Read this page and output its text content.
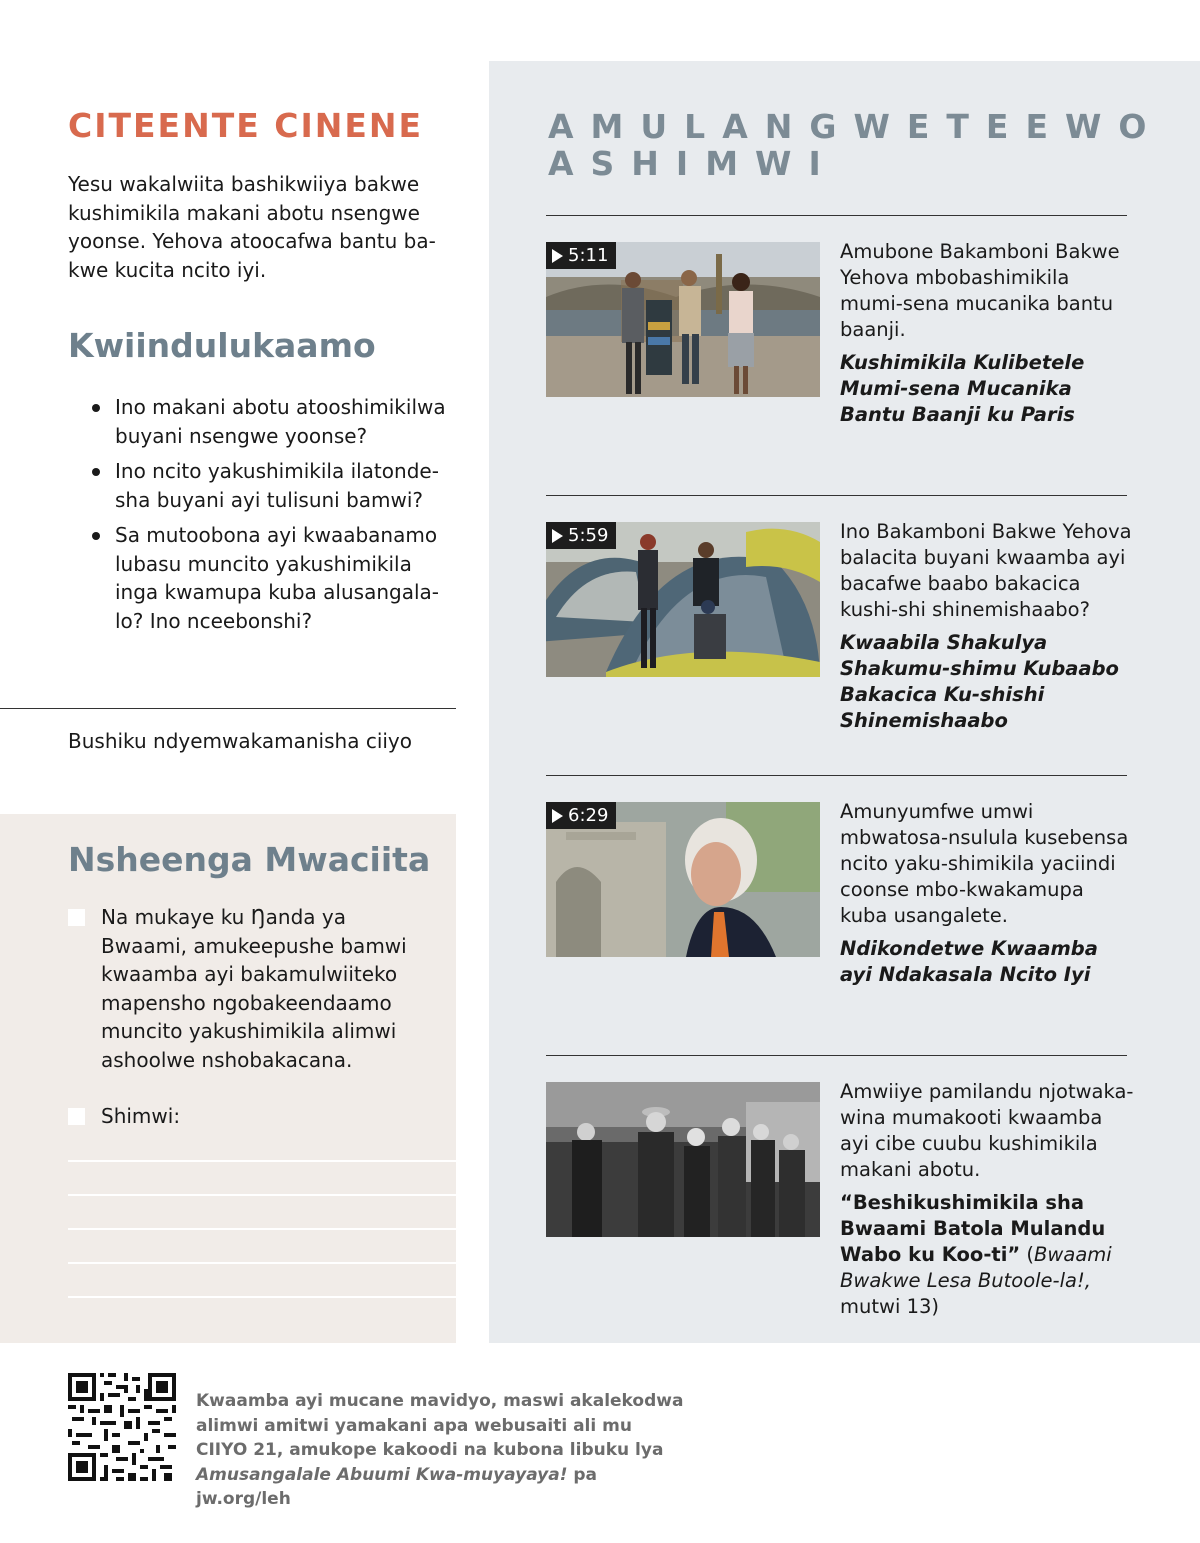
AMULANGWETEEWO
ASHIMWI
5:11	Amubone Bakamboni Bakwe Yehova mbobashimikila mumi-sena mucanika bantu baanji.
Kushimikila Kulibetele Mumi-sena Mucanika Bantu Baanji ku Paris
5:59	Ino Bakamboni Bakwe Yehova balacita buyani kwaamba ayi bacafwe baabo bakacica kushi-shi shinemishaabo?
Kwaabila Shakulya Shakumu-shimu Kubaabo Bakacica Ku-shishi Shinemishaabo
6:29	Amunyumfwe umwi mbwatosa-nsulula kusebensa ncito yaku-shimikila yaciindi coonse mbo-kwakamupa kuba usangalete.
Ndikondetwe Kwaamba ayi Ndakasala Ncito Iyi
Amwiiye pamilandu njotwaka-wina mumakooti kwaamba ayi cibe cuubu kushimikila makani abotu.
“Beshikushimikila sha Bwaami Batola Mulandu Wabo ku Koo-ti” (Bwaami Bwakwe Lesa Butoole-la!, mutwi 13)
CITEENTE CINENE
Yesu wakalwiita bashikwiiya bakwe kushimikila makani abotu nsengwe yoonse. Yehova atoocafwa bantu ba-kwe kucita ncito iyi.
Kwiindulukaamo
Ino makani abotu atooshimikilwa buyani nsengwe yoonse?
Ino ncito yakushimikila ilatonde-sha buyani ayi tulisuni bamwi?
Sa mutoobona ayi kwaabanamo lubasu muncito yakushimikila inga kwamupa kuba alusangala-lo? Ino nceebonshi?
Bushiku ndyemwakamanisha ciiyo
Nsheenga Mwaciita
Na mukaye ku Ŋanda ya Bwaami, amukeepushe bamwi kwaamba ayi bakamulwiiteko mapensho ngobakeendaamo muncito yakushimikila alimwi ashoolwe nshobakacana.
Shimwi:
Kwaamba ayi mucane mavidyo, maswi akalekodwa alimwi amitwi yamakani apa webusaiti ali mu CIIYO 21, amukope kakoodi na kubona libuku lya Amusangalale Abuumi Kwa-muyayaya! pa jw.org/leh
